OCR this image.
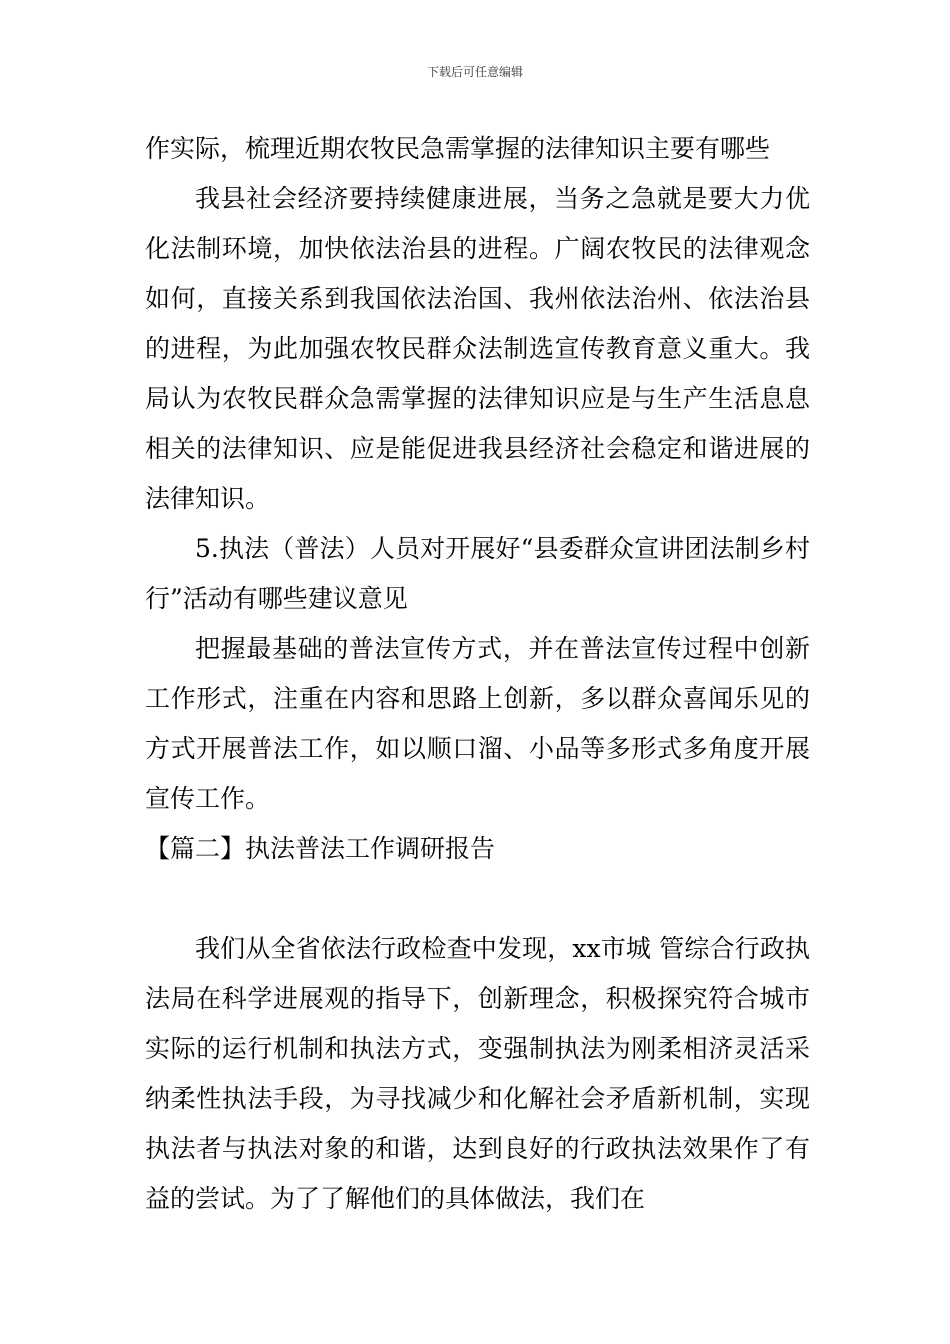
下载后可任意编辑

作实际，梳理近期农牧民急需掌握的法律知识主要有哪些

我县社会经济要持续健康进展，当务之急就是要大力优化法制环境，加快依法治县的进程。广阔农牧民的法律观念如何，直接关系到我国依法治国、我州依法治州、依法治县的进程，为此加强农牧民群众法制选宣传教育意义重大。我局认为农牧民群众急需掌握的法律知识应是与生产生活息息相关的法律知识、应是能促进我县经济社会稳定和谐进展的法律知识。

5.执法（普法）人员对开展好“县委群众宣讲团法制乡村行”活动有哪些建议意见

把握最基础的普法宣传方式，并在普法宣传过程中创新工作形式，注重在内容和思路上创新，多以群众喜闻乐见的方式开展普法工作，如以顺口溜、小品等多形式多角度开展宣传工作。

【篇二】执法普法工作调研报告

我们从全省依法行政检查中发现，xx市城 管综合行政执法局在科学进展观的指导下，创新理念，积极探究符合城市实际的运行机制和执法方式，变强制执法为刚柔相济灵活采纳柔性执法手段，为寻找减少和化解社会矛盾新机制，实现执法者与执法对象的和谐，达到良好的行政执法效果作了有益的尝试。为了了解他们的具体做法，我们在
